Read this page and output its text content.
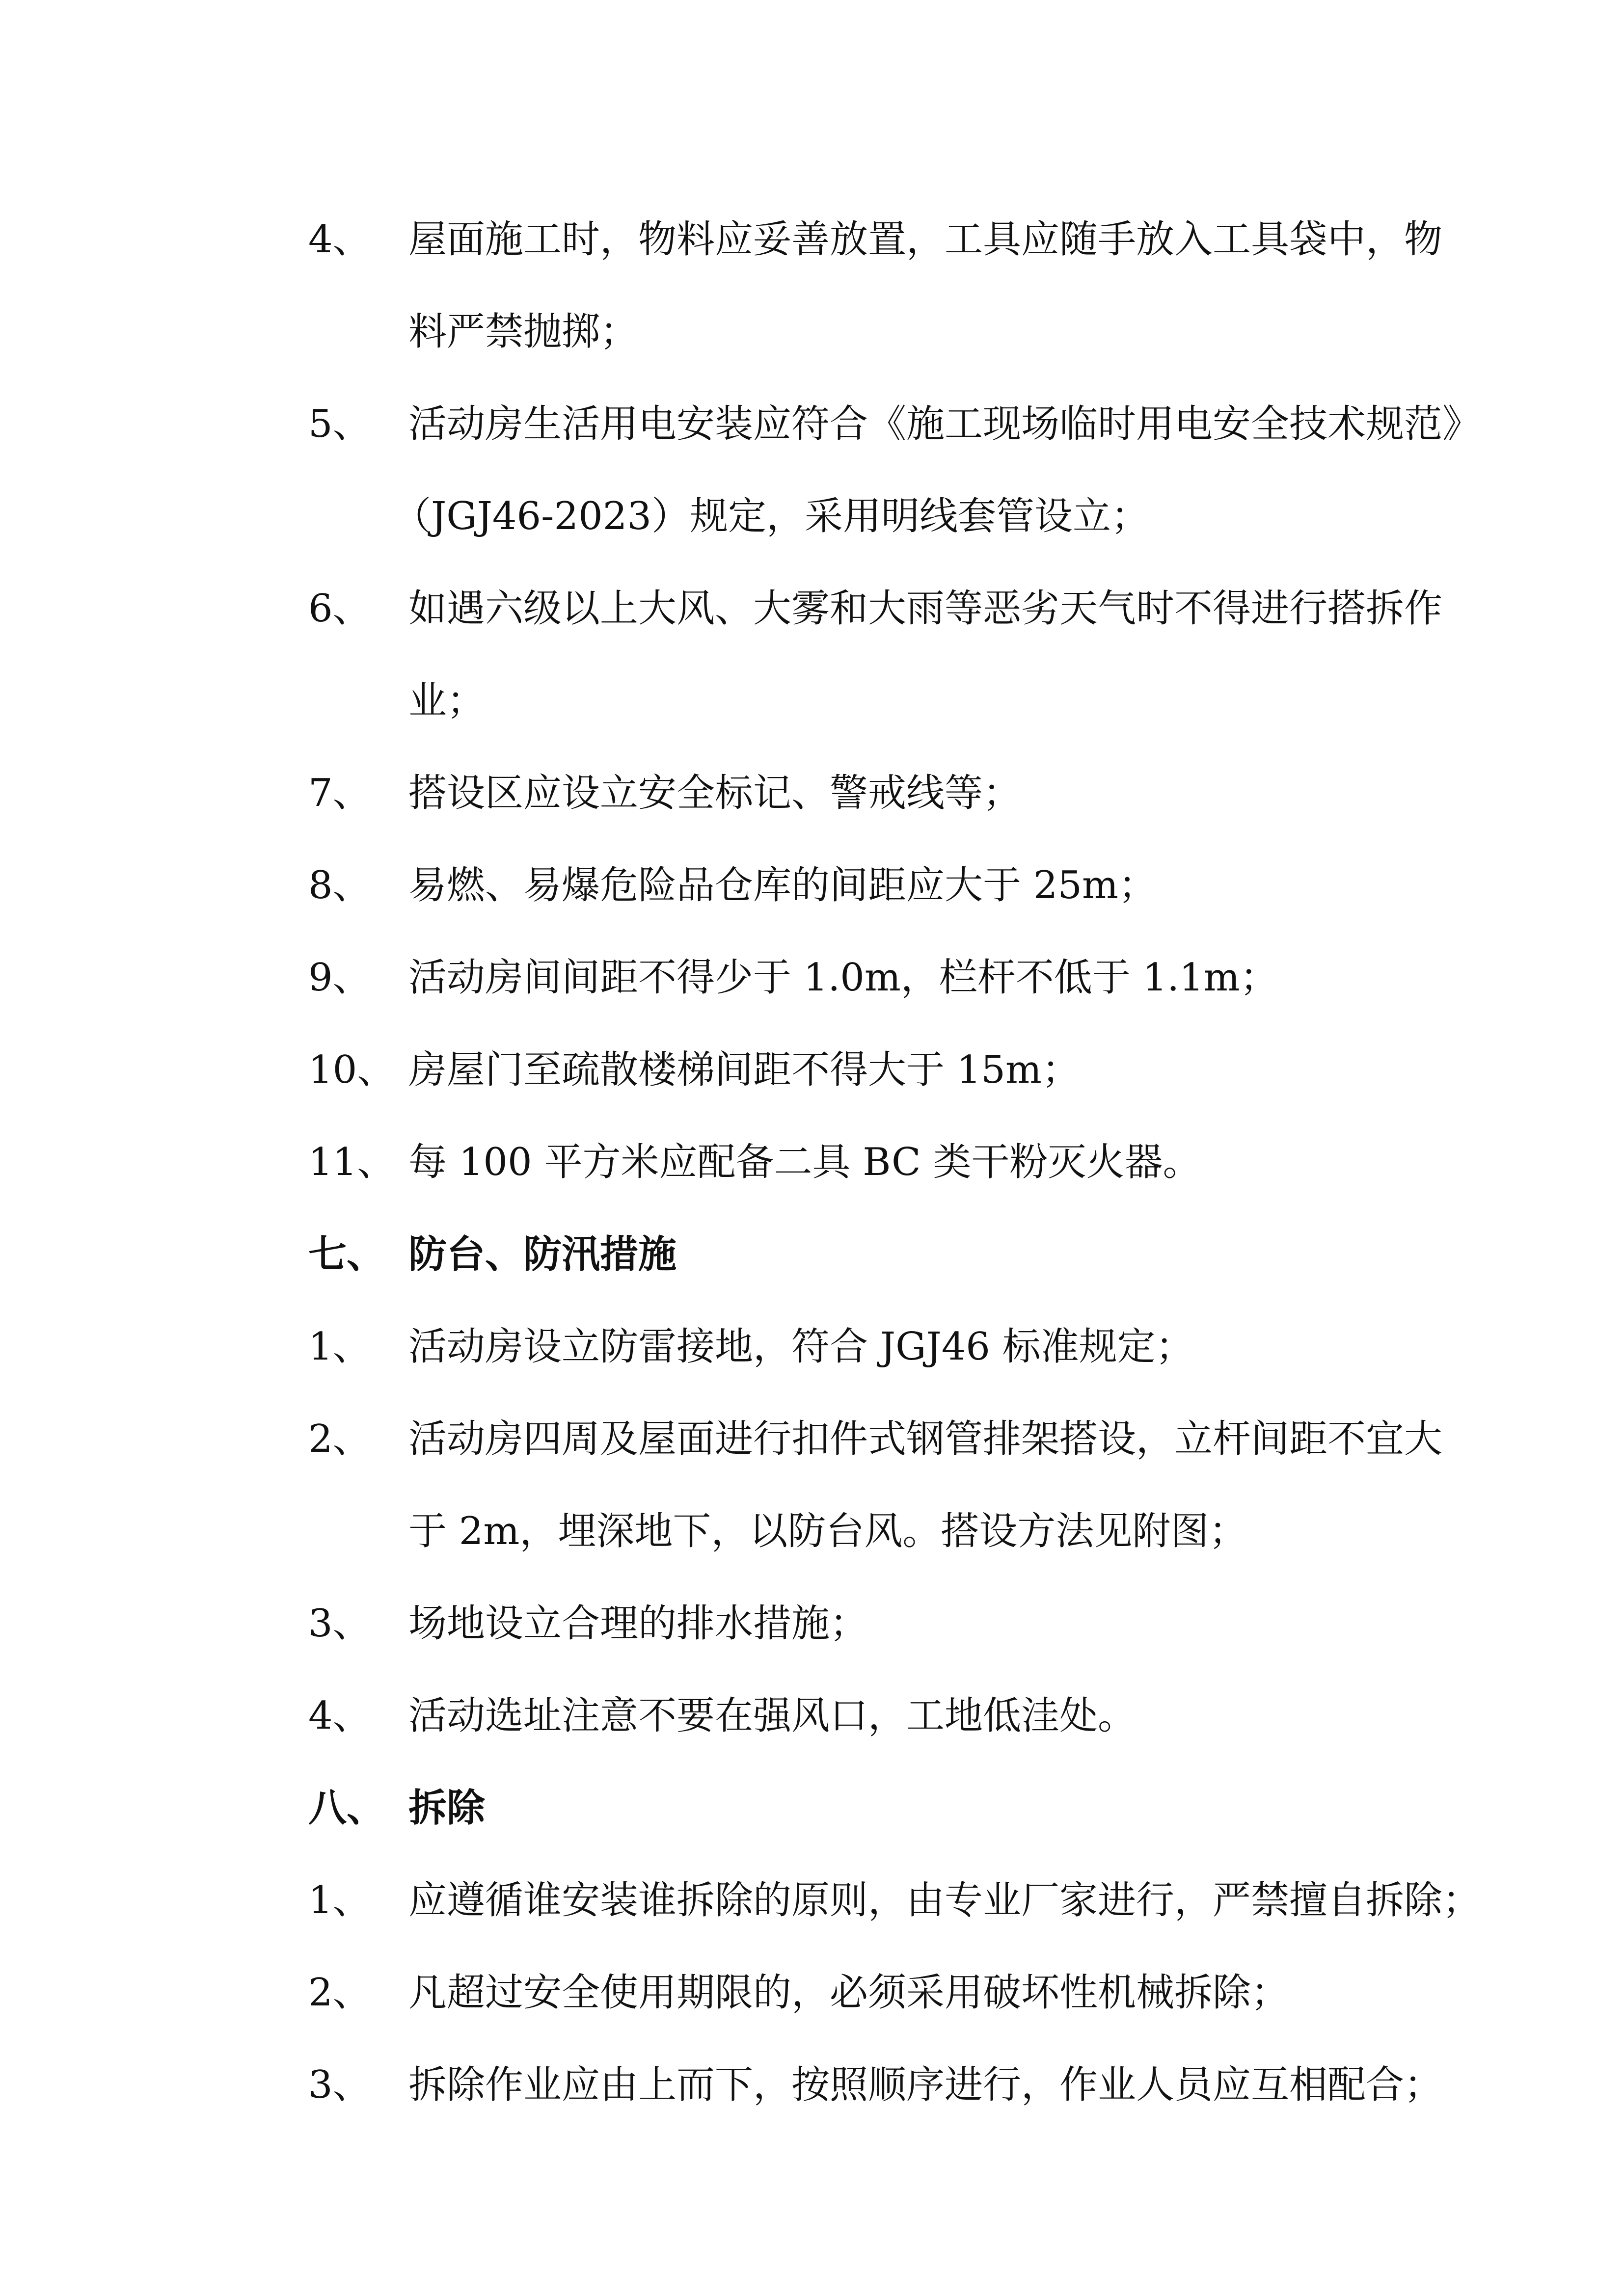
4、 屋面施工时，物料应妥善放置，工具应随手放入工具袋中，物
料严禁抛掷；
5、 活动房生活用电安装应符合《施工现场临时用电安全技术规范》
（JGJ46-2023）规定，采用明线套管设立；
6、 如遇六级以上大风、大雾和大雨等恶劣天气时不得进行搭拆作
业；
7、 搭设区应设立安全标记、警戒线等；
8、 易燃、易爆危险品仓库的间距应大于 25m；
9、 活动房间间距不得少于 1.0m，栏杆不低于 1.1m；
10、 房屋门至疏散楼梯间距不得大于 15m；
11、 每 100 平方米应配备二具 BC 类干粉灭火器。
七、 防台、防汛措施
1、 活动房设立防雷接地，符合 JGJ46 标准规定；
2、 活动房四周及屋面进行扣件式钢管排架搭设，立杆间距不宜大
于 2m，埋深地下，以防台风。搭设方法见附图；
3、 场地设立合理的排水措施；
4、 活动选址注意不要在强风口，工地低洼处。
八、 拆除
1、 应遵循谁安装谁拆除的原则，由专业厂家进行，严禁擅自拆除；
2、 凡超过安全使用期限的，必须采用破坏性机械拆除；
3、 拆除作业应由上而下，按照顺序进行，作业人员应互相配合；
